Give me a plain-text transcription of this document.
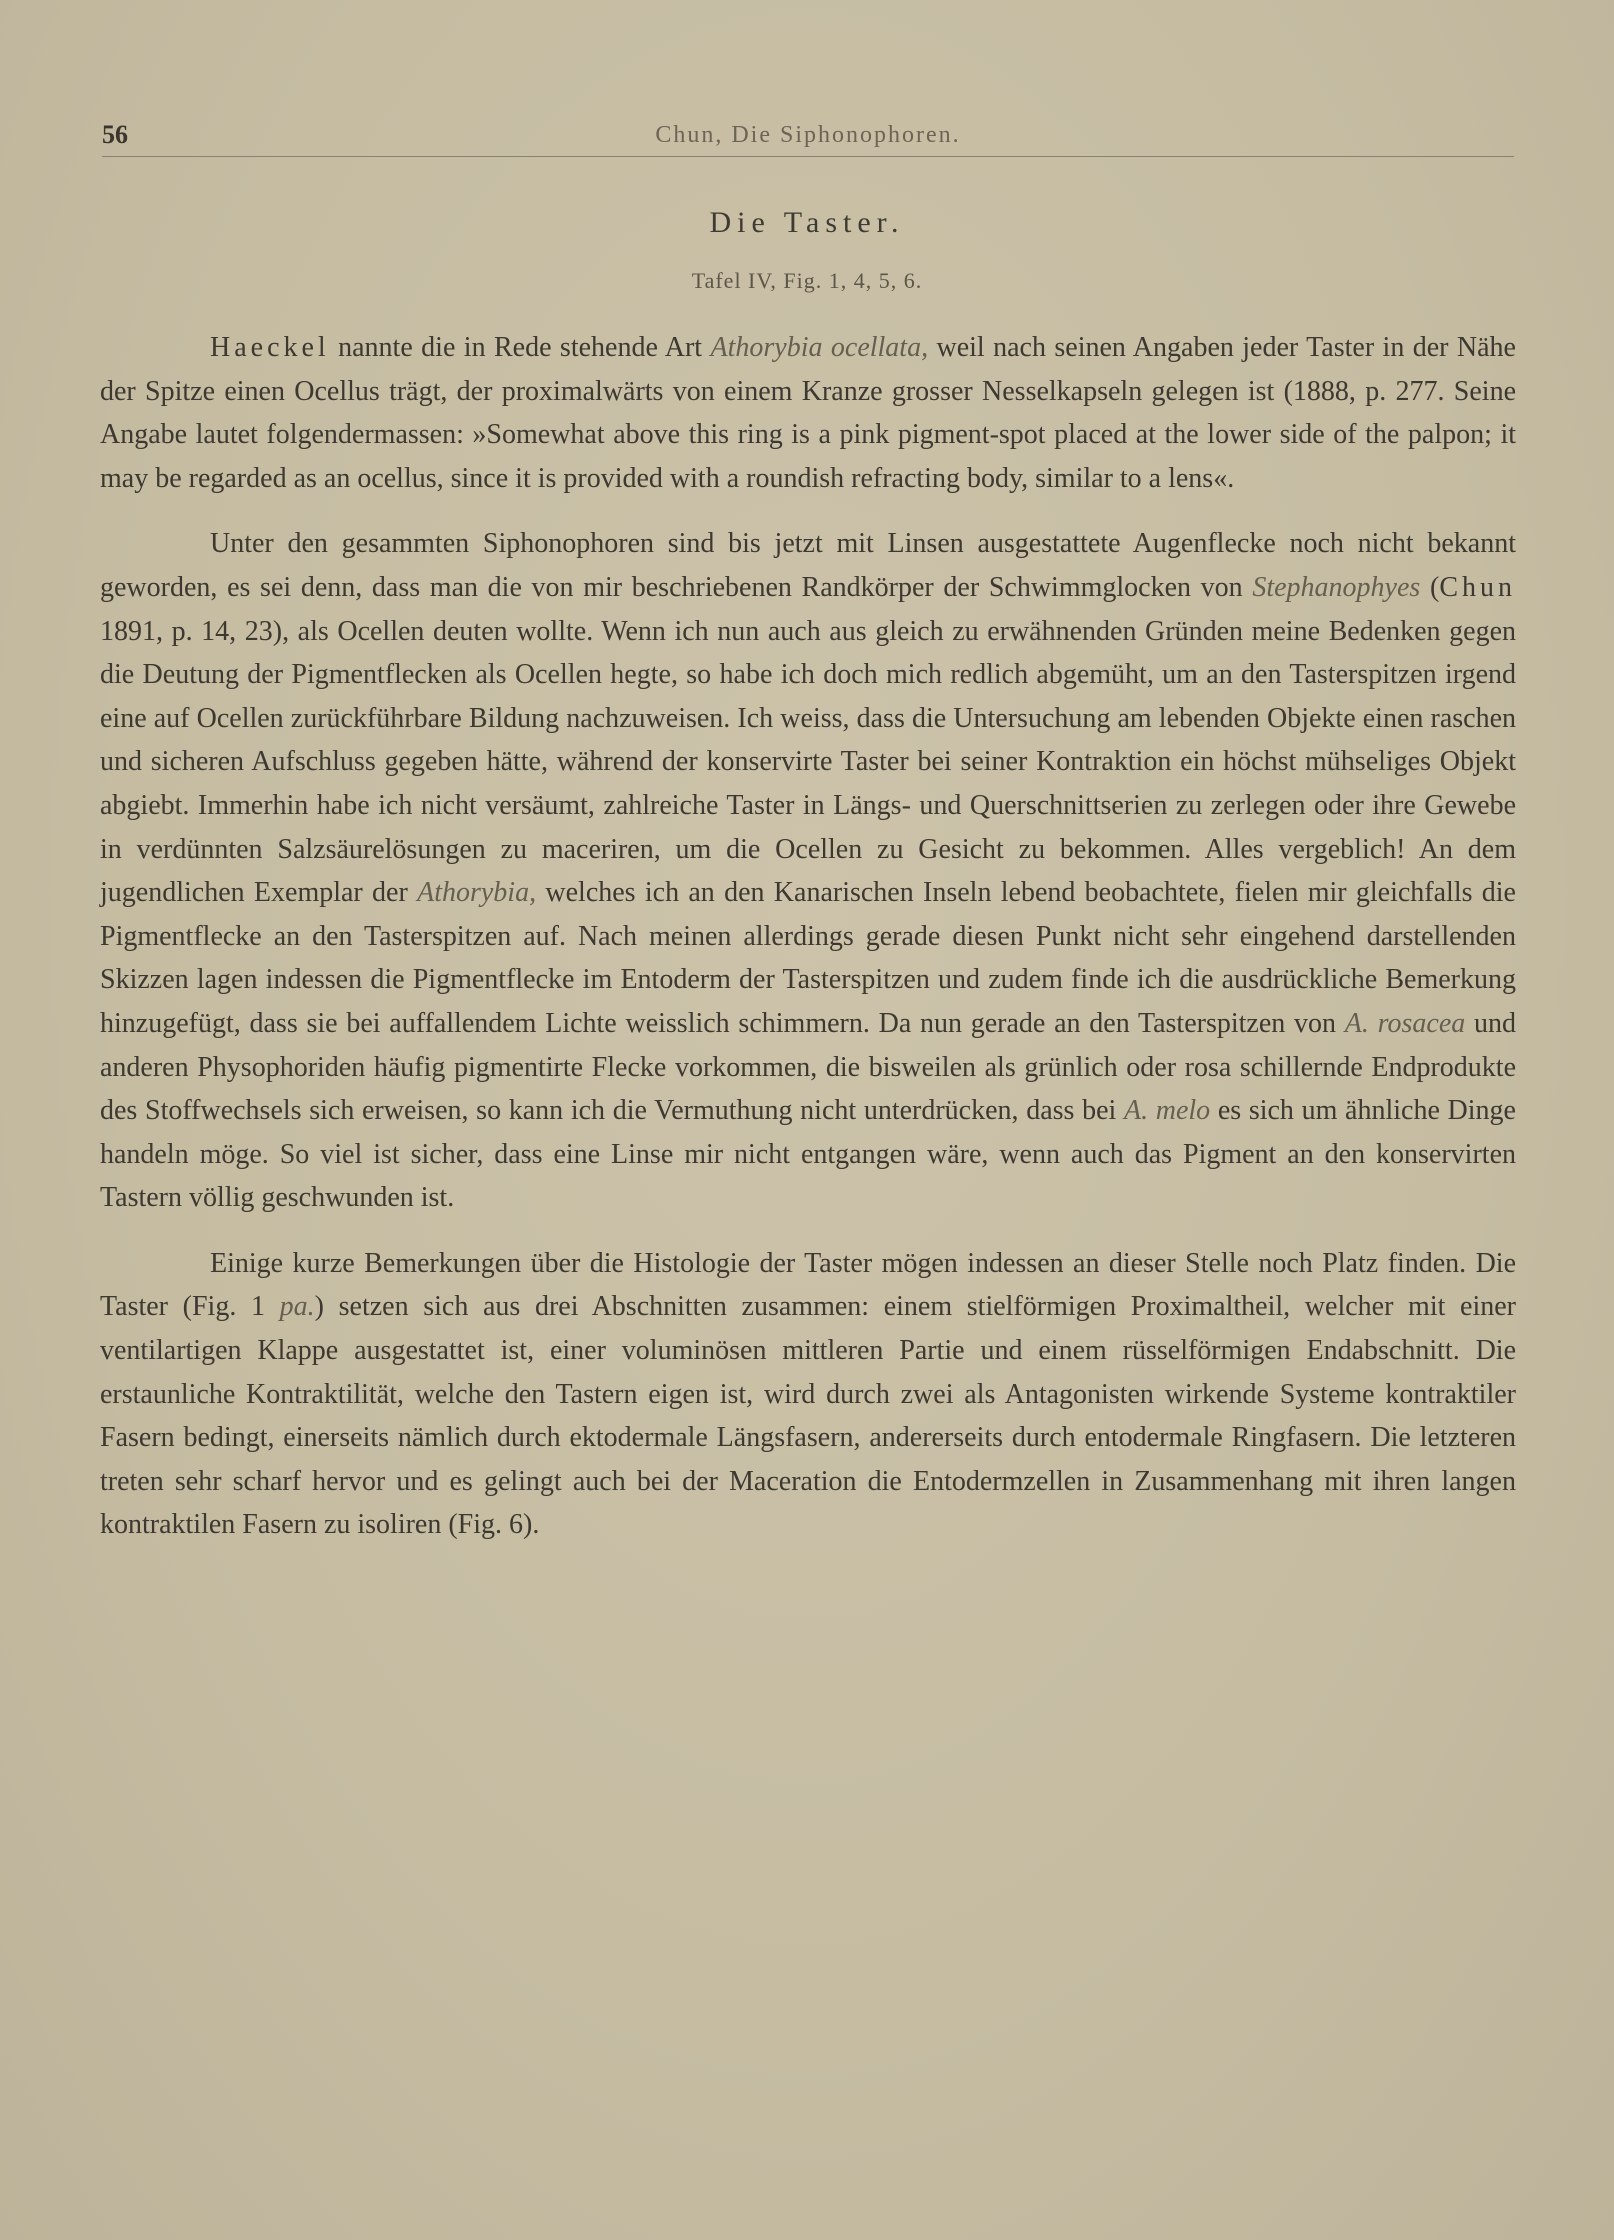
56	Chun, Die Siphonophoren.
Die Taster.
Tafel IV, Fig. 1, 4, 5, 6.

Haeckel nannte die in Rede stehende Art Athorybia ocellata, weil nach seinen Angaben jeder Taster in der Nähe der Spitze einen Ocellus trägt, der proximalwärts von einem Kranze grosser Nesselkapseln gelegen ist (1888, p. 277. Seine Angabe lautet folgendermassen: »Somewhat above this ring is a pink pigment-spot placed at the lower side of the palpon; it may be regarded as an ocellus, since it is provided with a roundish refracting body, similar to a lens«.

Unter den gesammten Siphonophoren sind bis jetzt mit Linsen ausgestattete Augenflecke noch nicht bekannt geworden, es sei denn, dass man die von mir beschriebenen Randkörper der Schwimmglocken von Stephanophyes (Chun 1891, p. 14, 23), als Ocellen deuten wollte. Wenn ich nun auch aus gleich zu erwähnenden Gründen meine Bedenken gegen die Deutung der Pigmentflecken als Ocellen hegte, so habe ich doch mich redlich abgemüht, um an den Tasterspitzen irgend eine auf Ocellen zurückführbare Bildung nachzuweisen. Ich weiss, dass die Untersuchung am lebenden Objekte einen raschen und sicheren Aufschluss gegeben hätte, während der konservirte Taster bei seiner Kontraktion ein höchst mühseliges Objekt abgiebt. Immerhin habe ich nicht versäumt, zahlreiche Taster in Längs- und Querschnittserien zu zerlegen oder ihre Gewebe in verdünnten Salzsäurelösungen zu maceriren, um die Ocellen zu Gesicht zu bekommen. Alles vergeblich! An dem jugendlichen Exemplar der Athorybia, welches ich an den Kanarischen Inseln lebend beobachtete, fielen mir gleichfalls die Pigmentflecke an den Tasterspitzen auf. Nach meinen allerdings gerade diesen Punkt nicht sehr eingehend darstellenden Skizzen lagen indessen die Pigmentflecke im Entoderm der Tasterspitzen und zudem finde ich die ausdrückliche Bemerkung hinzugefügt, dass sie bei auffallendem Lichte weisslich schimmern. Da nun gerade an den Tasterspitzen von A. rosacea und anderen Physophoriden häufig pigmentirte Flecke vorkommen, die bisweilen als grünlich oder rosa schillernde Endprodukte des Stoffwechsels sich erweisen, so kann ich die Vermuthung nicht unterdrücken, dass bei A. melo es sich um ähnliche Dinge handeln möge. So viel ist sicher, dass eine Linse mir nicht entgangen wäre, wenn auch das Pigment an den konservirten Tastern völlig geschwunden ist.

Einige kurze Bemerkungen über die Histologie der Taster mögen indessen an dieser Stelle noch Platz finden. Die Taster (Fig. 1 pa.) setzen sich aus drei Abschnitten zusammen: einem stielförmigen Proximaltheil, welcher mit einer ventilartigen Klappe ausgestattet ist, einer voluminösen mittleren Partie und einem rüsselförmigen Endabschnitt. Die erstaunliche Kontraktilität, welche den Tastern eigen ist, wird durch zwei als Antagonisten wirkende Systeme kontraktiler Fasern bedingt, einerseits nämlich durch ektodermale Längsfasern, andererseits durch entodermale Ringfasern. Die letzteren treten sehr scharf hervor und es gelingt auch bei der Maceration die Entodermzellen in Zusammenhang mit ihren langen kontraktilen Fasern zu isoliren (Fig. 6).
